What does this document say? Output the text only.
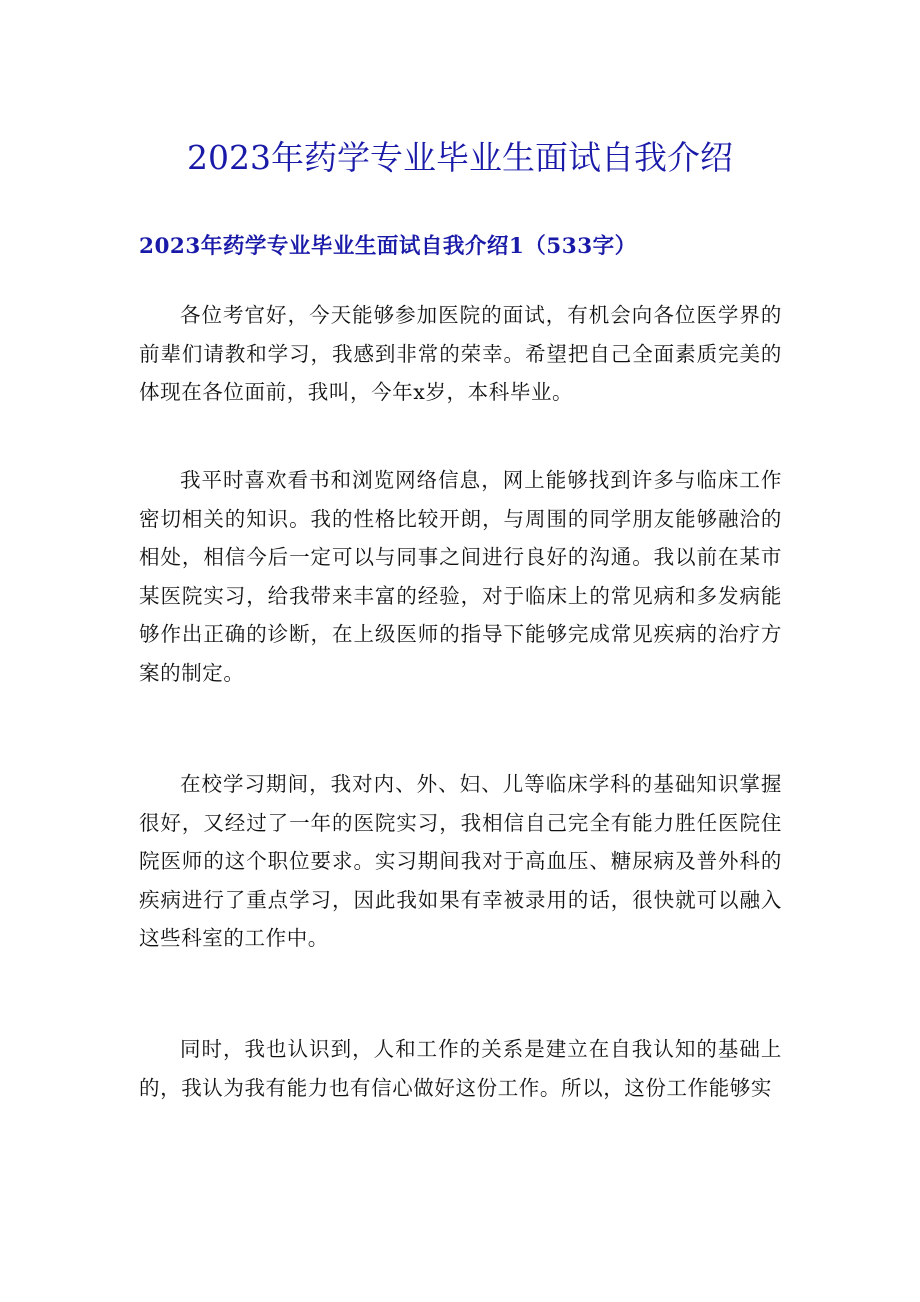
2023年药学专业毕业生面试自我介绍
2023年药学专业毕业生面试自我介绍1（533字）

各位考官好，今天能够参加医院的面试，有机会向各位医学界的前辈们请教和学习，我感到非常的荣幸。希望把自己全面素质完美的体现在各位面前，我叫，今年x岁，本科毕业。

我平时喜欢看书和浏览网络信息，网上能够找到许多与临床工作密切相关的知识。我的性格比较开朗，与周围的同学朋友能够融洽的相处，相信今后一定可以与同事之间进行良好的沟通。我以前在某市某医院实习，给我带来丰富的经验，对于临床上的常见病和多发病能够作出正确的诊断，在上级医师的指导下能够完成常见疾病的治疗方案的制定。

在校学习期间，我对内、外、妇、儿等临床学科的基础知识掌握很好，又经过了一年的医院实习，我相信自己完全有能力胜任医院住院医师的这个职位要求。实习期间我对于高血压、糖尿病及普外科的疾病进行了重点学习，因此我如果有幸被录用的话，很快就可以融入这些科室的工作中。

同时，我也认识到，人和工作的关系是建立在自我认知的基础上的，我认为我有能力也有信心做好这份工作。所以，这份工作能够实
